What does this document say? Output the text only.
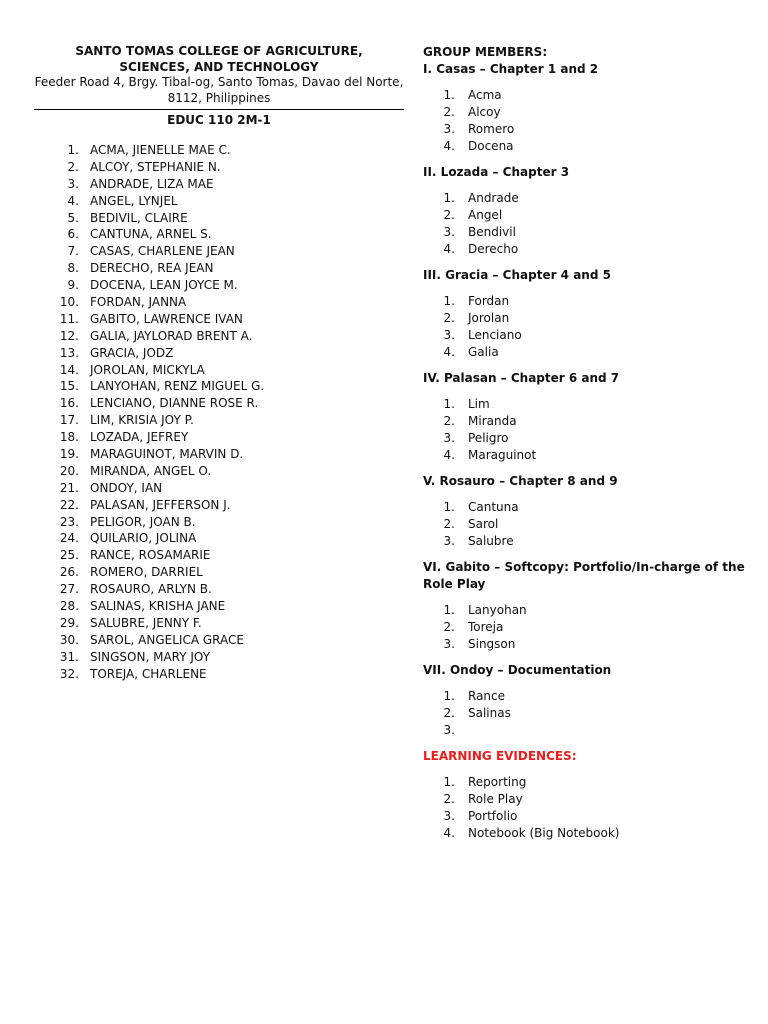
SANTO TOMAS COLLEGE OF AGRICULTURE,
SCIENCES, AND TECHNOLOGY
Feeder Road 4, Brgy. Tibal-og, Santo Tomas, Davao del Norte,
8112, Philippines
EDUC 110 2M-1
1. ACMA, JIENELLE MAE C.
2. ALCOY, STEPHANIE N.
3. ANDRADE, LIZA MAE
4. ANGEL, LYNJEL
5. BEDIVIL, CLAIRE
6. CANTUNA, ARNEL S.
7. CASAS, CHARLENE JEAN
8. DERECHO, REA JEAN
9. DOCENA, LEAN JOYCE M.
10. FORDAN, JANNA
11. GABITO, LAWRENCE IVAN
12. GALIA, JAYLORAD BRENT A.
13. GRACIA, JODZ
14. JOROLAN, MICKYLA
15. LANYOHAN, RENZ MIGUEL G.
16. LENCIANO, DIANNE ROSE R.
17. LIM, KRISIA JOY P.
18. LOZADA, JEFREY
19. MARAGUINOT, MARVIN D.
20. MIRANDA, ANGEL O.
21. ONDOY, IAN
22. PALASAN, JEFFERSON J.
23. PELIGOR, JOAN B.
24. QUILARIO, JOLINA
25. RANCE, ROSAMARIE
26. ROMERO, DARRIEL
27. ROSAURO, ARLYN B.
28. SALINAS, KRISHA JANE
29. SALUBRE, JENNY F.
30. SAROL, ANGELICA GRACE
31. SINGSON, MARY JOY
32. TOREJA, CHARLENE
GROUP MEMBERS:
I. Casas – Chapter 1 and 2
1. Acma
2. Alcoy
3. Romero
4. Docena
II. Lozada – Chapter 3
1. Andrade
2. Angel
3. Bendivil
4. Derecho
III. Gracia – Chapter 4 and 5
1. Fordan
2. Jorolan
3. Lenciano
4. Galia
IV. Palasan – Chapter 6 and 7
1. Lim
2. Miranda
3. Peligro
4. Maraguinot
V. Rosauro – Chapter 8 and 9
1. Cantuna
2. Sarol
3. Salubre
VI. Gabito – Softcopy: Portfolio/In-charge of the Role Play
1. Lanyohan
2. Toreja
3. Singson
VII. Ondoy – Documentation
1. Rance
2. Salinas
3.
LEARNING EVIDENCES:
1. Reporting
2. Role Play
3. Portfolio
4. Notebook (Big Notebook)
